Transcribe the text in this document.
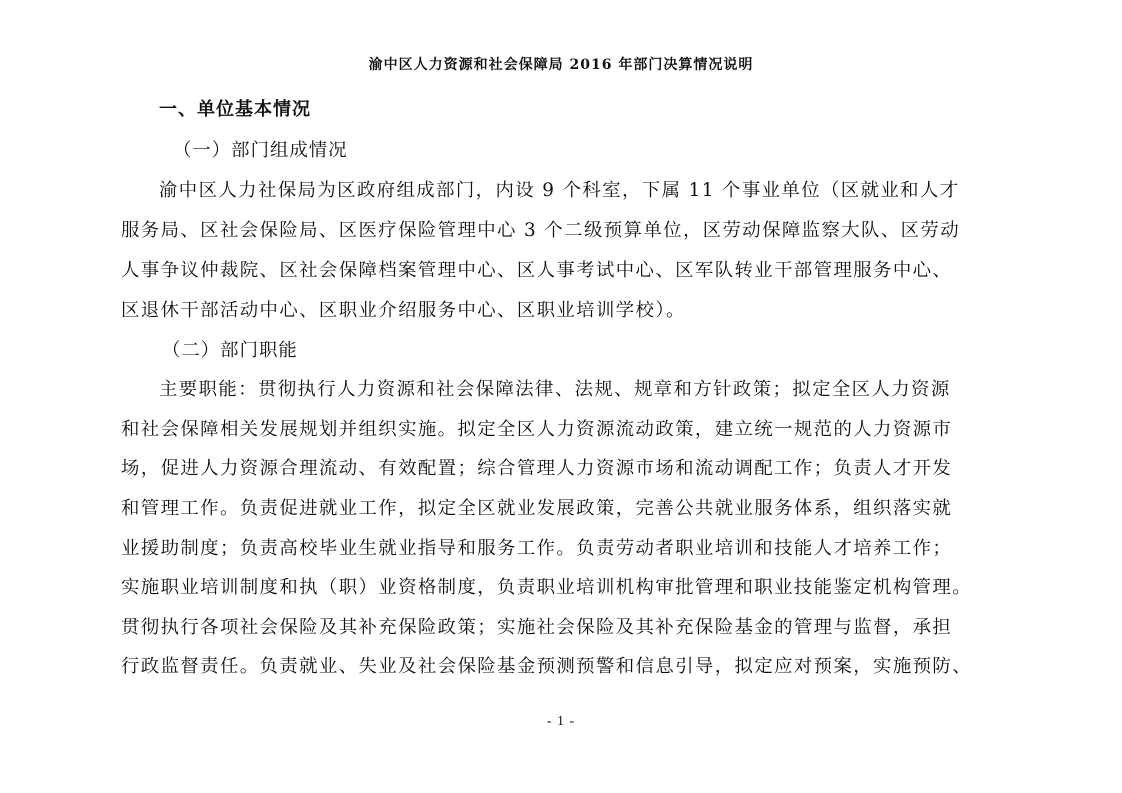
渝中区人力资源和社会保障局 2016 年部门决算情况说明
一、单位基本情况
（一）部门组成情况
渝中区人力社保局为区政府组成部门，内设 9 个科室，下属 11 个事业单位（区就业和人才
服务局、区社会保险局、区医疗保险管理中心 3 个二级预算单位，区劳动保障监察大队、区劳动
人事争议仲裁院、区社会保障档案管理中心、区人事考试中心、区军队转业干部管理服务中心、
区退休干部活动中心、区职业介绍服务中心、区职业培训学校）。
（二）部门职能
主要职能：贯彻执行人力资源和社会保障法律、法规、规章和方针政策；拟定全区人力资源
和社会保障相关发展规划并组织实施。拟定全区人力资源流动政策，建立统一规范的人力资源市
场，促进人力资源合理流动、有效配置；综合管理人力资源市场和流动调配工作；负责人才开发
和管理工作。负责促进就业工作，拟定全区就业发展政策，完善公共就业服务体系，组织落实就
业援助制度；负责高校毕业生就业指导和服务工作。负责劳动者职业培训和技能人才培养工作；
实施职业培训制度和执（职）业资格制度，负责职业培训机构审批管理和职业技能鉴定机构管理。
贯彻执行各项社会保险及其补充保险政策；实施社会保险及其补充保险基金的管理与监督，承担
行政监督责任。负责就业、失业及社会保险基金预测预警和信息引导，拟定应对预案，实施预防、
- 1 -
